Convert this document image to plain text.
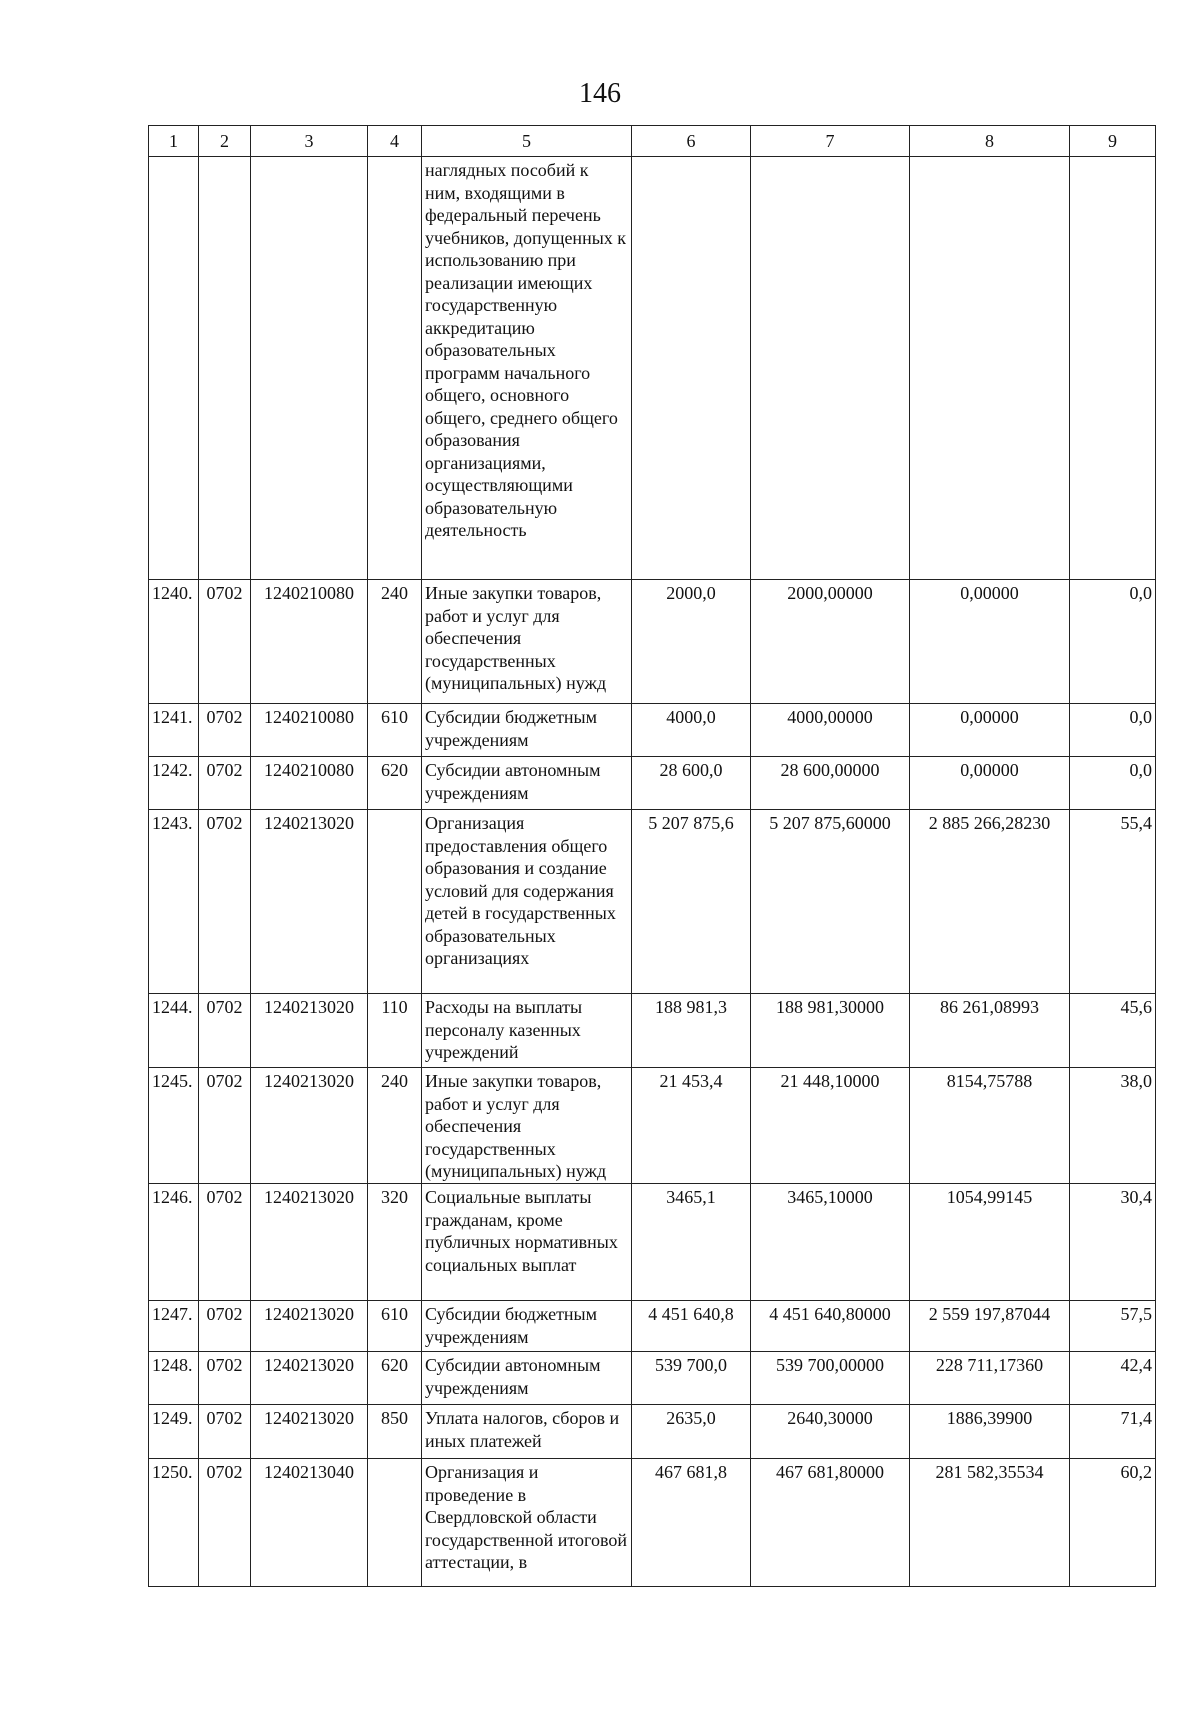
146
1	2	3	4	5	6	7	8	9
				наглядных пособий к ним, входящими в федеральный перечень учебников, допущенных к использованию при реализации имеющих государственную аккредитацию образовательных программ начального общего, основного общего, среднего общего образования организациями, осуществляющими образовательную деятельность				
1240.	0702	1240210080	240	Иные закупки товаров, работ и услуг для обеспечения государственных (муниципальных) нужд	2000,0	2000,00000	0,00000	0,0
1241.	0702	1240210080	610	Субсидии бюджетным учреждениям	4000,0	4000,00000	0,00000	0,0
1242.	0702	1240210080	620	Субсидии автономным учреждениям	28 600,0	28 600,00000	0,00000	0,0
1243.	0702	1240213020		Организация предоставления общего образования и создание условий для содержания детей в государственных образовательных организациях	5 207 875,6	5 207 875,60000	2 885 266,28230	55,4
1244.	0702	1240213020	110	Расходы на выплаты персоналу казенных учреждений	188 981,3	188 981,30000	86 261,08993	45,6
1245.	0702	1240213020	240	Иные закупки товаров, работ и услуг для обеспечения государственных (муниципальных) нужд	21 453,4	21 448,10000	8154,75788	38,0
1246.	0702	1240213020	320	Социальные выплаты гражданам, кроме публичных нормативных социальных выплат	3465,1	3465,10000	1054,99145	30,4
1247.	0702	1240213020	610	Субсидии бюджетным учреждениям	4 451 640,8	4 451 640,80000	2 559 197,87044	57,5
1248.	0702	1240213020	620	Субсидии автономным учреждениям	539 700,0	539 700,00000	228 711,17360	42,4
1249.	0702	1240213020	850	Уплата налогов, сборов и иных платежей	2635,0	2640,30000	1886,39900	71,4
1250.	0702	1240213040		Организация и проведение в Свердловской области государственной итоговой аттестации, в	467 681,8	467 681,80000	281 582,35534	60,2
